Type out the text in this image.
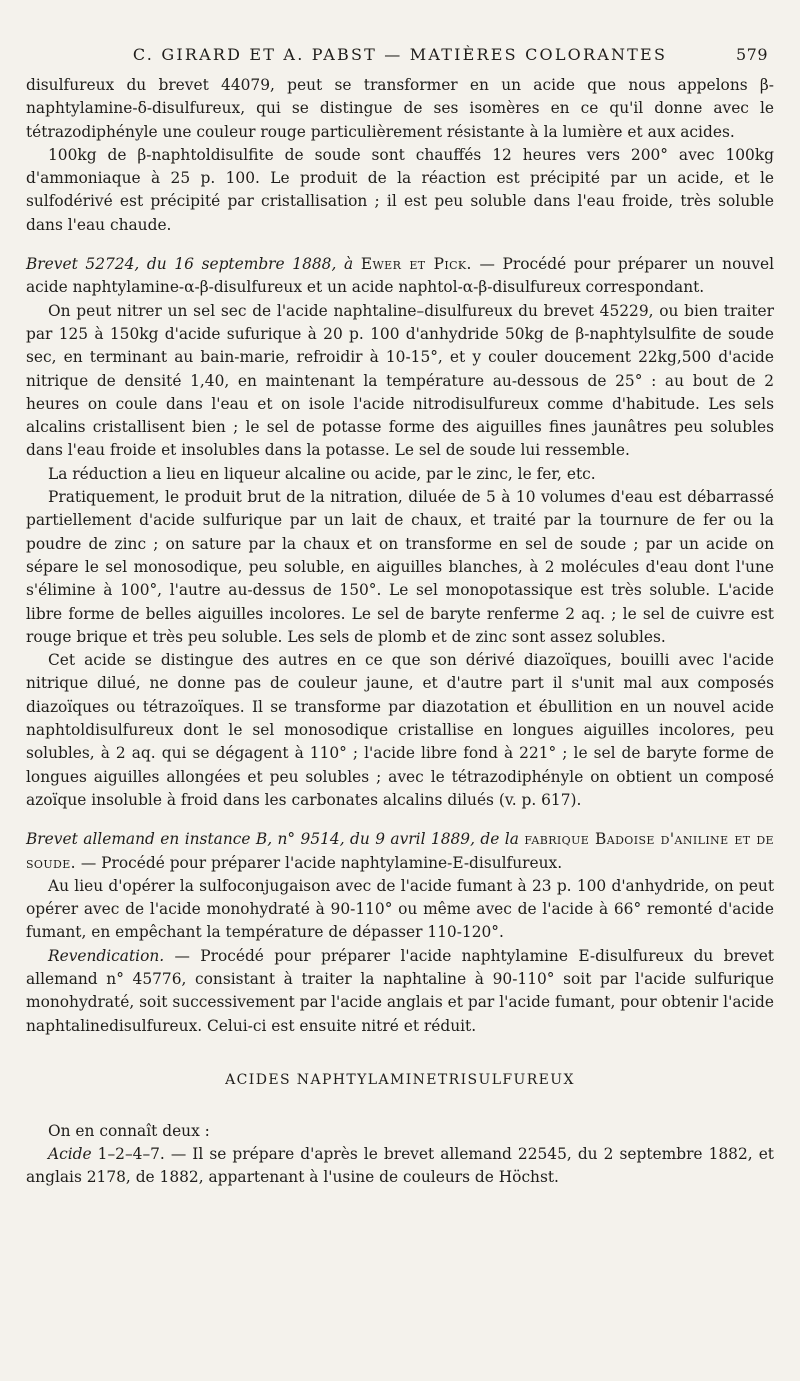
C. GIRARD ET A. PABST — MATIÈRES COLORANTES	579

disulfureux du brevet 44079, peut se transformer en un acide que nous appelons β-naphtylamine-δ-disulfureux, qui se distingue de ses isomères en ce qu'il donne avec le tétrazodiphényle une couleur rouge particulièrement résistante à la lumière et aux acides.

100kg de β-naphtoldisulfite de soude sont chauffés 12 heures vers 200° avec 100kg d'ammoniaque à 25 p. 100. Le produit de la réaction est précipité par un acide, et le sulfodérivé est précipité par cristallisation ; il est peu soluble dans l'eau froide, très soluble dans l'eau chaude.

Brevet 52724, du 16 septembre 1888, à Ewer et Pick. — Procédé pour préparer un nouvel acide naphtylamine-α-β-disulfureux et un acide naphtol-α-β-disulfureux correspondant.

On peut nitrer un sel sec de l'acide naphtaline–disulfureux du brevet 45229, ou bien traiter par 125 à 150kg d'acide sufurique à 20 p. 100 d'anhydride 50kg de β-naphtylsulfite de soude sec, en terminant au bain-marie, refroidir à 10-15°, et y couler doucement 22kg,500 d'acide nitrique de densité 1,40, en maintenant la température au-dessous de 25° : au bout de 2 heures on coule dans l'eau et on isole l'acide nitrodisulfureux comme d'habitude. Les sels alcalins cristallisent bien ; le sel de potasse forme des aiguilles fines jaunâtres peu solubles dans l'eau froide et insolubles dans la potasse. Le sel de soude lui ressemble.

La réduction a lieu en liqueur alcaline ou acide, par le zinc, le fer, etc.

Pratiquement, le produit brut de la nitration, diluée de 5 à 10 volumes d'eau est débarrassé partiellement d'acide sulfurique par un lait de chaux, et traité par la tournure de fer ou la poudre de zinc ; on sature par la chaux et on transforme en sel de soude ; par un acide on sépare le sel monosodique, peu soluble, en aiguilles blanches, à 2 molécules d'eau dont l'une s'élimine à 100°, l'autre au-dessus de 150°. Le sel monopotassique est très soluble. L'acide libre forme de belles aiguilles incolores. Le sel de baryte renferme 2 aq. ; le sel de cuivre est rouge brique et très peu soluble. Les sels de plomb et de zinc sont assez solubles.

Cet acide se distingue des autres en ce que son dérivé diazoïques, bouilli avec l'acide nitrique dilué, ne donne pas de couleur jaune, et d'autre part il s'unit mal aux composés diazoïques ou tétrazoïques. Il se transforme par diazotation et ébullition en un nouvel acide naphtoldisulfureux dont le sel monosodique cristallise en longues aiguilles incolores, peu solubles, à 2 aq. qui se dégagent à 110° ; l'acide libre fond à 221° ; le sel de baryte forme de longues aiguilles allongées et peu solubles ; avec le tétrazodiphényle on obtient un composé azoïque insoluble à froid dans les carbonates alcalins dilués (v. p. 617).

Brevet allemand en instance B, n° 9514, du 9 avril 1889, de la fabrique Badoise d'aniline et de soude. — Procédé pour préparer l'acide naphtylamine-E-disulfureux.

Au lieu d'opérer la sulfoconjugaison avec de l'acide fumant à 23 p. 100 d'anhydride, on peut opérer avec de l'acide monohydraté à 90-110° ou même avec de l'acide à 66° remonté d'acide fumant, en empêchant la température de dépasser 110-120°.

Revendication. — Procédé pour préparer l'acide naphtylamine E-disulfureux du brevet allemand n° 45776, consistant à traiter la naphtaline à 90-110° soit par l'acide sulfurique monohydraté, soit successivement par l'acide anglais et par l'acide fumant, pour obtenir l'acide naphtalinedisulfureux. Celui-ci est ensuite nitré et réduit.

ACIDES NAPHTYLAMINETRISULFUREUX

On en connaît deux :

Acide 1–2–4–7. — Il se prépare d'après le brevet allemand 22545, du 2 septembre 1882, et anglais 2178, de 1882, appartenant à l'usine de couleurs de Höchst.
